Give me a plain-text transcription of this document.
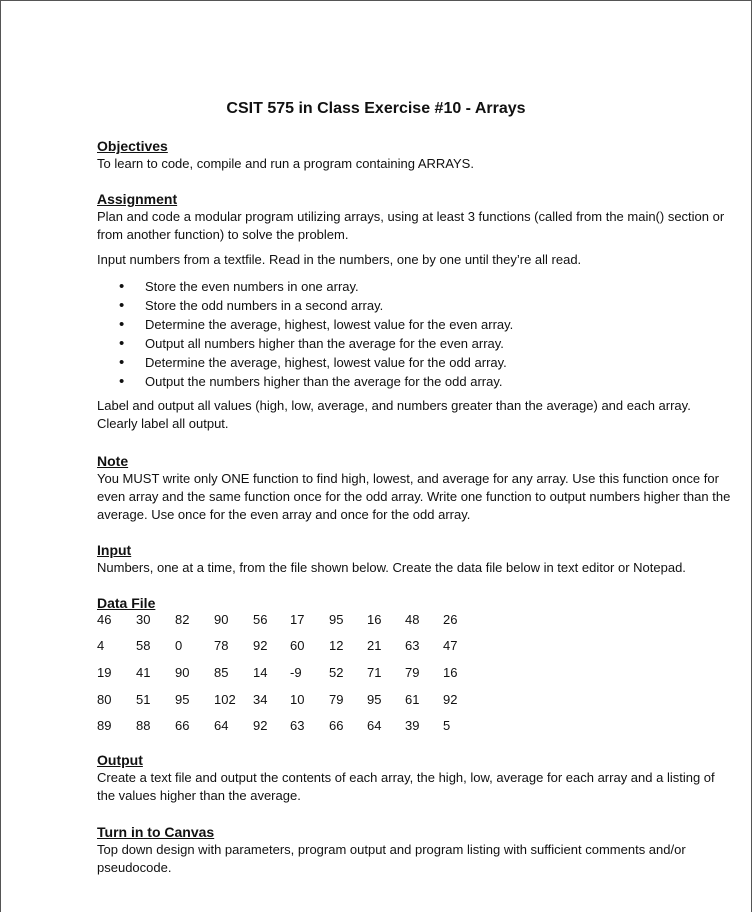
CSIT 575 in Class Exercise #10 - Arrays
Objectives

To learn to code, compile and run a program containing ARRAYS.

Assignment

Plan and code a modular program utilizing arrays, using at least 3 functions (called from the main() section or from another function) to solve the problem.

Input numbers from a textfile. Read in the numbers, one by one until they’re all read.

• Store the even numbers in one array.
• Store the odd numbers in a second array.
• Determine the average, highest, lowest value for the even array.
• Output all numbers higher than the average for the even array.
• Determine the average, highest, lowest value for the odd array.
• Output the numbers higher than the average for the odd array.

Label and output all values (high, low, average, and numbers greater than the average) and each array. Clearly label all output.

Note

You MUST write only ONE function to find high, lowest, and average for any array. Use this function once for even array and the same function once for the odd array. Write one function to output numbers higher than the average. Use once for the even array and once for the odd array.

Input

Numbers, one at a time, from the file shown below. Create the data file below in text editor or Notepad.

Data File
46 30 82 90 56 17 95 16 48 26
4 58 0 78 92 60 12 21 63 47
19 41 90 85 14 -9 52 71 79 16
80 51 95 102 34 10 79 95 61 92
89 88 66 64 92 63 66 64 39 5
Output

Create a text file and output the contents of each array, the high, low, average for each array and a listing of the values higher than the average.

Turn in to Canvas

Top down design with parameters, program output and program listing with sufficient comments and/or pseudocode.
